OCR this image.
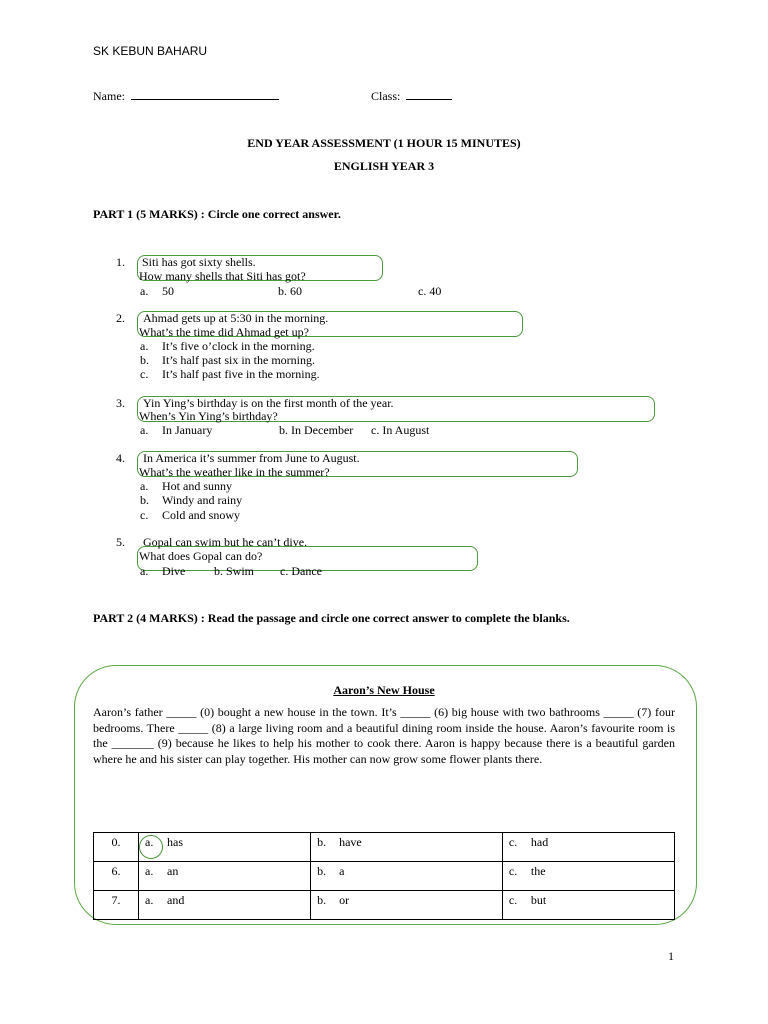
SK KEBUN BAHARU
Name:	Class:
END YEAR ASSESSMENT (1 HOUR 15 MINUTES)
ENGLISH YEAR 3
PART 1 (5 MARKS) : Circle one correct answer.
1. Siti has got sixty shells.
How many shells that Siti has got?
a. 50	b. 60	c. 40
2. Ahmad gets up at 5:30 in the morning.
What’s the time did Ahmad get up?
a. It’s five o’clock in the morning.
b. It’s half past six in the morning.
c. It’s half past five in the morning.
3. Yin Ying’s birthday is on the first month of the year.
When’s Yin Ying’s birthday?
a. In January	b. In December c. In August
4. In America it’s summer from June to August.
What’s the weather like in the summer?
a. Hot and sunny
b. Windy and rainy
c. Cold and snowy
5. Gopal can swim but he can’t dive.
What does Gopal can do?
a. Dive b. Swim c. Dance
PART 2 (4 MARKS) : Read the passage and circle one correct answer to complete the blanks.
Aaron’s New House
Aaron’s father _____ (0) bought a new house in the town. It’s _____ (6) big house with two bathrooms _____ (7) four bedrooms. There _____ (8) a large living room and a beautiful dining room inside the house. Aaron’s favourite room is the _______ (9) because he likes to help his mother to cook there. Aaron is happy because there is a beautiful garden where he and his sister can play together. His mother can now grow some flower plants there.
0.	a. has	b. have	c. had
6.	a. an	b. a	c. the
7.	a. and	b. or	c. but
1
